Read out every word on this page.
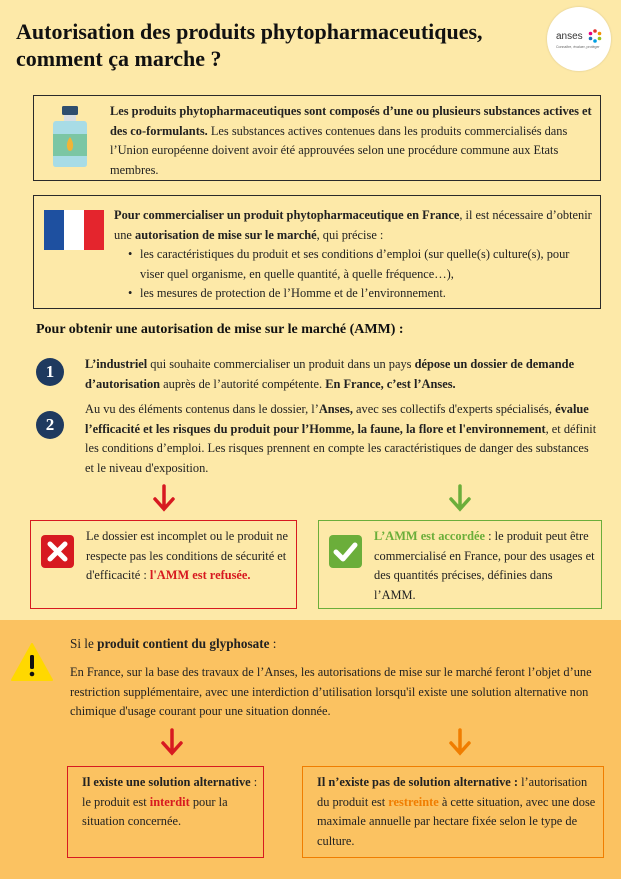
Autorisation des produits phytopharmaceutiques, comment ça marche ?
anses
Connaître, évaluer, protéger

Les produits phytopharmaceutiques sont composés d’une ou plusieurs substances actives et des co-formulants. Les substances actives contenues dans les produits commercialisés dans l’Union européenne doivent avoir été approuvées selon une procédure commune aux Etats membres.

Pour commercialiser un produit phytopharmaceutique en France, il est nécessaire d’obtenir une autorisation de mise sur le marché, qui précise :

• les caractéristiques du produit et ses conditions d’emploi (sur quelle(s) culture(s), pour viser quel organisme, en quelle quantité, à quelle fréquence…),
• les mesures de protection de l’Homme et de l’environnement.
Pour obtenir une autorisation de mise sur le marché (AMM) :
1	L’industriel qui souhaite commercialiser un produit dans un pays dépose un dossier de demande d’autorisation auprès de l’autorité compétente. En France, c’est l’Anses.

2

Au vu des éléments contenus dans le dossier, l’Anses, avec ses collectifs d'experts spécialisés, évalue l’efficacité et les risques du produit pour l’Homme, la faune, la flore et l'environnement, et définit les conditions d’emploi. Les risques prennent en compte les caractéristiques de danger des substances et le niveau d'exposition.

Le dossier est incomplet ou le produit ne respecte pas les conditions de sécurité et d'efficacité : l'AMM est refusée.

L’AMM est accordée : le produit peut être commercialisé en France, pour des usages et des quantités précises, définies dans l’AMM.

Si le produit contient du glyphosate :

En France, sur la base des travaux de l’Anses, les autorisations de mise sur le marché feront l’objet d’une restriction supplémentaire, avec une interdiction d’utilisation lorsqu'il existe une solution alternative non chimique d'usage courant pour une situation donnée.

Il existe une solution alternative : le produit est interdit pour la situation concernée.

Il n’existe pas de solution alternative : l’autorisation du produit est restreinte à cette situation, avec une dose maximale annuelle par hectare fixée selon le type de culture.
